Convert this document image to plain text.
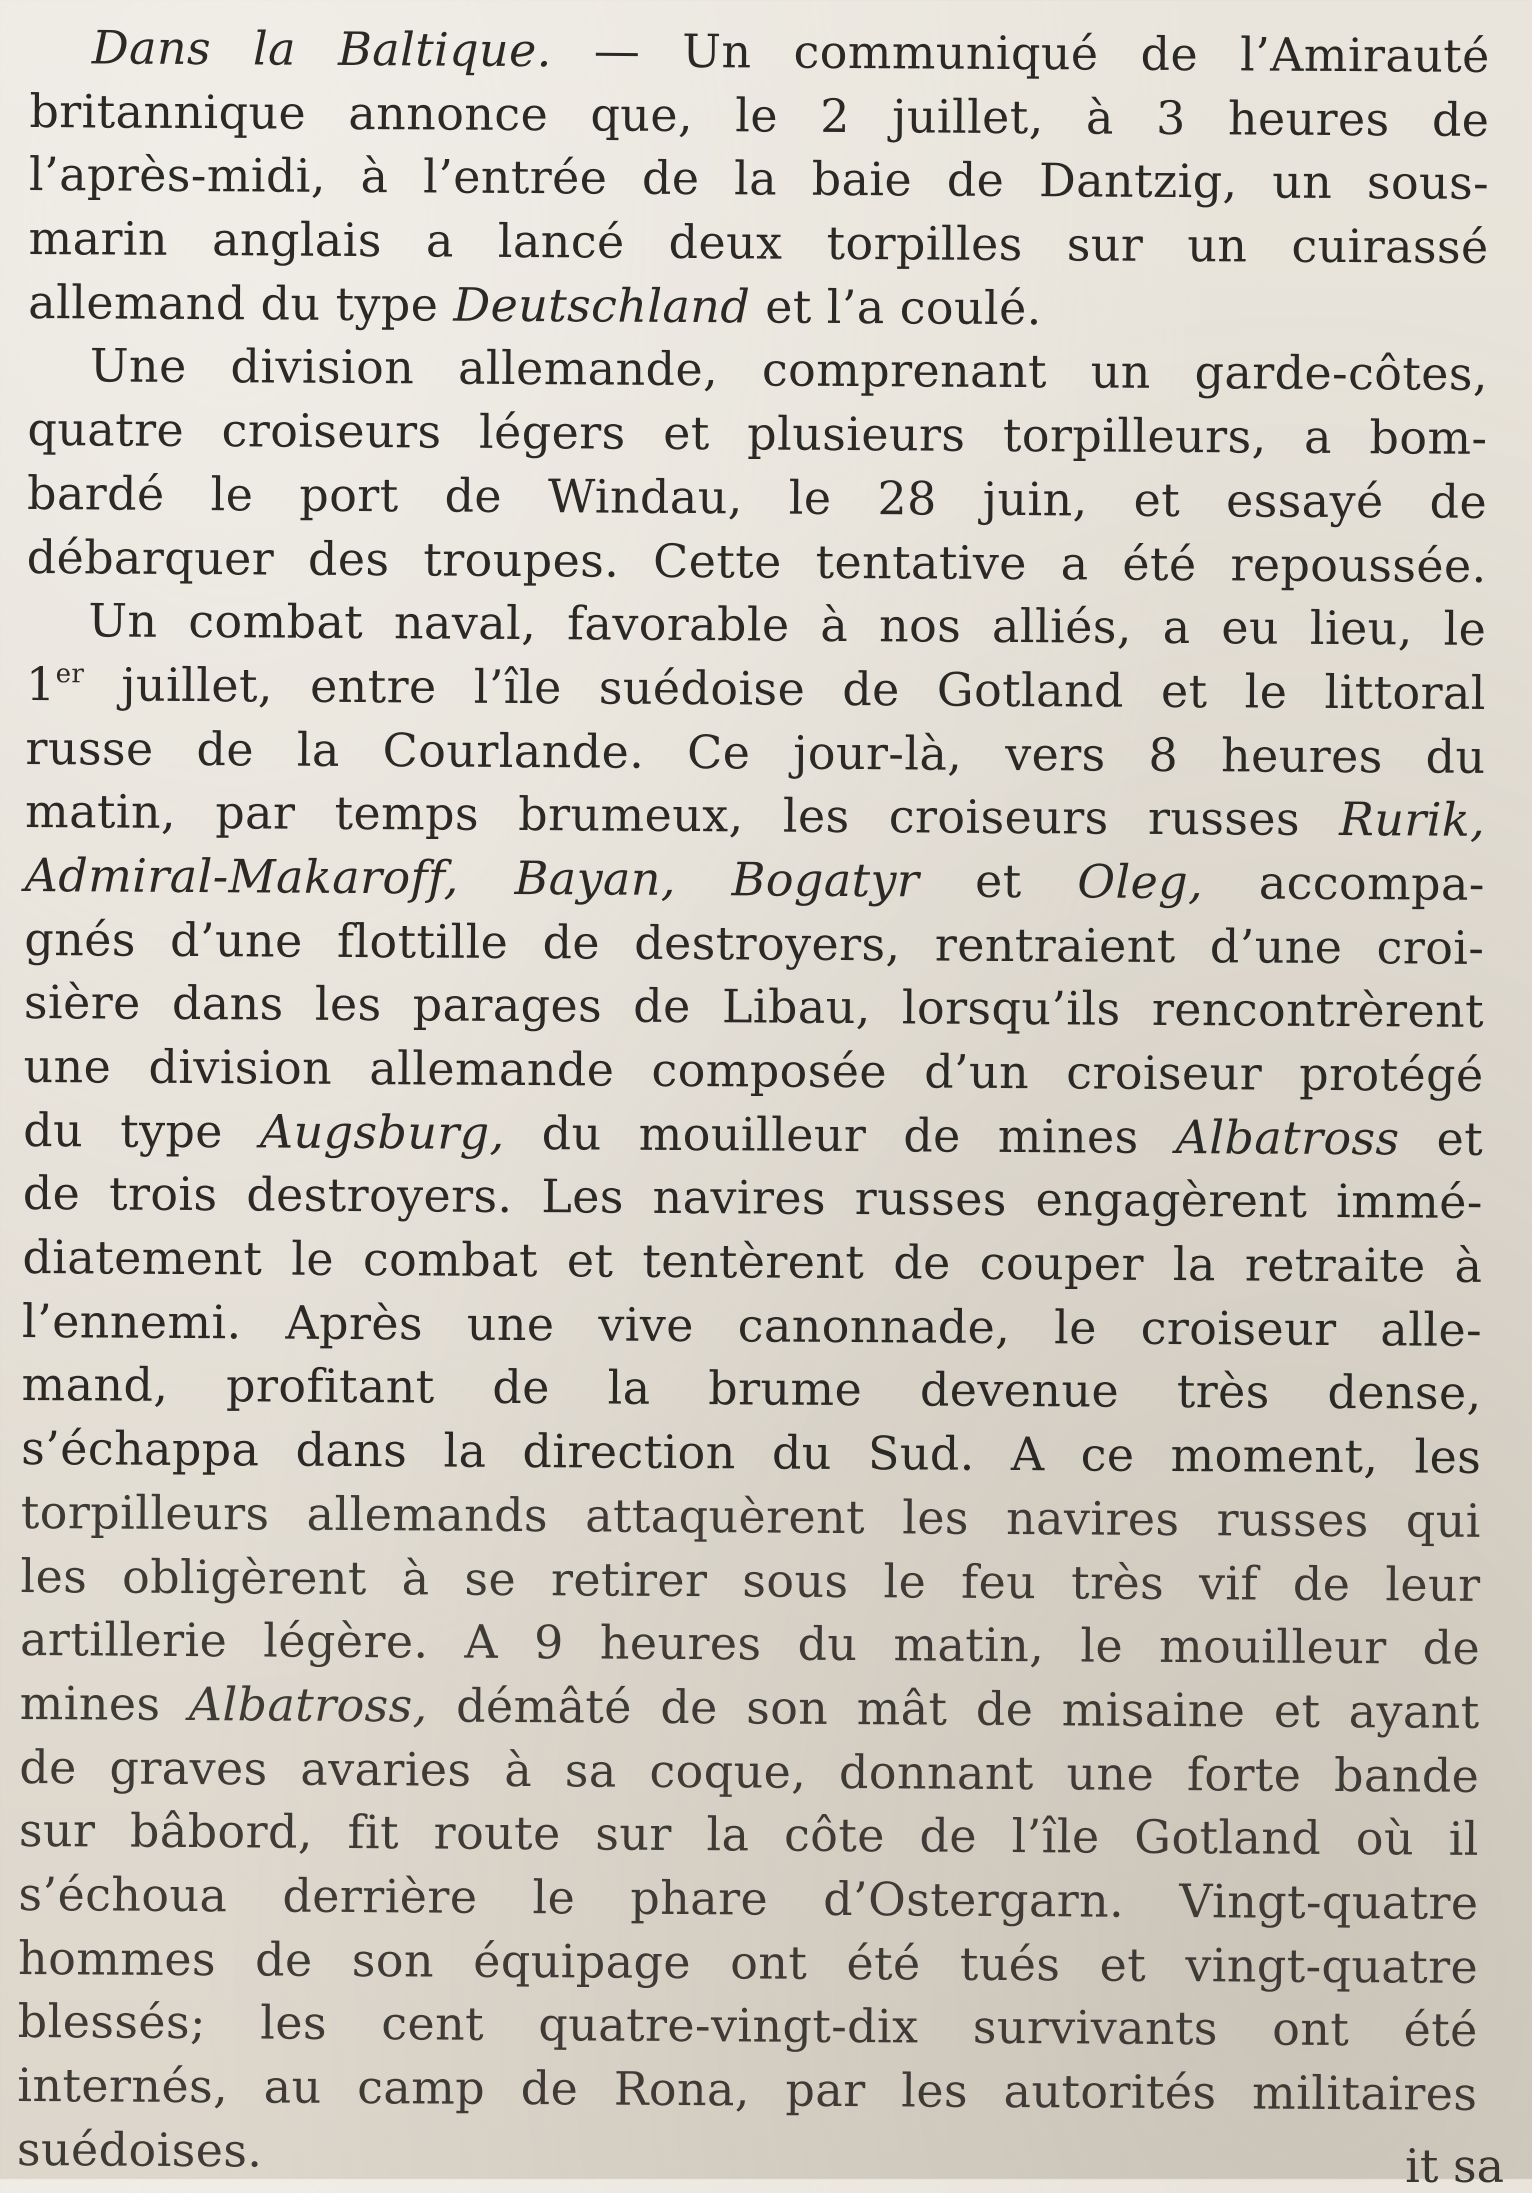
Dans la Baltique. — Un communiqué de l’Amirauté
britannique annonce que, le 2 juillet, à 3 heures de
l’après-midi, à l’entrée de la baie de Dantzig, un sous-
marin anglais a lancé deux torpilles sur un cuirassé
allemand du type Deutschland et l’a coulé.
Une division allemande, comprenant un garde-côtes,
quatre croiseurs légers et plusieurs torpilleurs, a bom-
bardé le port de Windau, le 28 juin, et essayé de
débarquer des troupes. Cette tentative a été repoussée.
Un combat naval, favorable à nos alliés, a eu lieu, le
1er juillet, entre l’île suédoise de Gotland et le littoral
russe de la Courlande. Ce jour-là, vers 8 heures du
matin, par temps brumeux, les croiseurs russes Rurik,
Admiral-Makaroff, Bayan, Bogatyr et Oleg, accompa-
gnés d’une flottille de destroyers, rentraient d’une croi-
sière dans les parages de Libau, lorsqu’ils rencontrèrent
une division allemande composée d’un croiseur protégé
du type Augsburg, du mouilleur de mines Albatross et
de trois destroyers. Les navires russes engagèrent immé-
diatement le combat et tentèrent de couper la retraite à
l’ennemi. Après une vive canonnade, le croiseur alle-
mand, profitant de la brume devenue très dense,
s’échappa dans la direction du Sud. A ce moment, les
torpilleurs allemands attaquèrent les navires russes qui
les obligèrent à se retirer sous le feu très vif de leur
artillerie légère. A 9 heures du matin, le mouilleur de
mines Albatross, démâté de son mât de misaine et ayant
de graves avaries à sa coque, donnant une forte bande
sur bâbord, fit route sur la côte de l’île Gotland où il
s’échoua derrière le phare d’Ostergarn. Vingt-quatre
hommes de son équipage ont été tués et vingt-quatre
blessés; les cent quatre-vingt-dix survivants ont été
internés, au camp de Rona, par les autorités militaires
suédoises.	it sa
